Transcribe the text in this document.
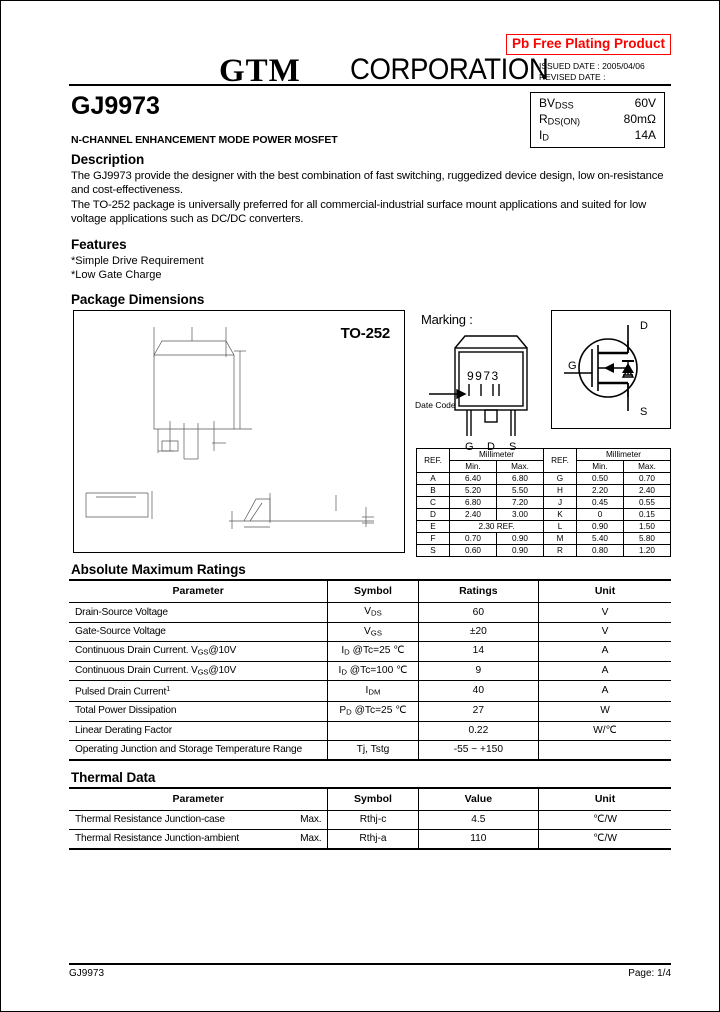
Pb Free Plating Product
GTM CORPORATION
ISSUED DATE : 2005/04/06
REVISED DATE :
GJ9973
N-CHANNEL ENHANCEMENT MODE POWER MOSFET
BVDSS	60V
RDS(ON)	80mΩ
ID	14A
Description
The GJ9973 provide the designer with the best combination of fast switching, ruggedized device design, low on-resistance and cost-effectiveness.
The TO-252 package is universally preferred for all commercial-industrial surface mount applications and suited for low voltage applications such as DC/DC converters.
Features
*Simple Drive Requirement
*Low Gate Charge
Package Dimensions
TO-252
Marking :
9973
G D S
Date Code
D
G
S
REF.	Millimeter		REF.	Millimeter	
	Min.	Max.		Min.	Max.
A	6.40	6.80	G	0.50	0.70
B	5.20	5.50	H	2.20	2.40
C	6.80	7.20	J	0.45	0.55
D	2.40	3.00	K	0	0.15
E	2.30 REF.		L	0.90	1.50
F	0.70	0.90	M	5.40	5.80
S	0.60	0.90	R	0.80	1.20
Absolute Maximum Ratings
Parameter	Symbol	Ratings	Unit
Drain-Source Voltage	VDS	60	V
Gate-Source Voltage	VGS	±20	V
Continuous Drain Current. VGS@10V	ID @Tc=25 ℃	14	A
Continuous Drain Current. VGS@10V	ID @Tc=100 ℃	9	A
Pulsed Drain Current$^1$	IDM	40	A
Total Power Dissipation	PD @Tc=25 ℃	27	W
Linear Derating Factor		0.22	W/℃
Operating Junction and Storage Temperature Range	Tj, Tstg	-55 ~ +150	
Thermal Data
Parameter	Symbol	Value	Unit

Thermal Resistance Junction-case Max.	Rthj-c	4.5	℃/W

Thermal Resistance Junction-ambient Max.	Rthj-a	110	℃/W
GJ9973	Page: 1/4
